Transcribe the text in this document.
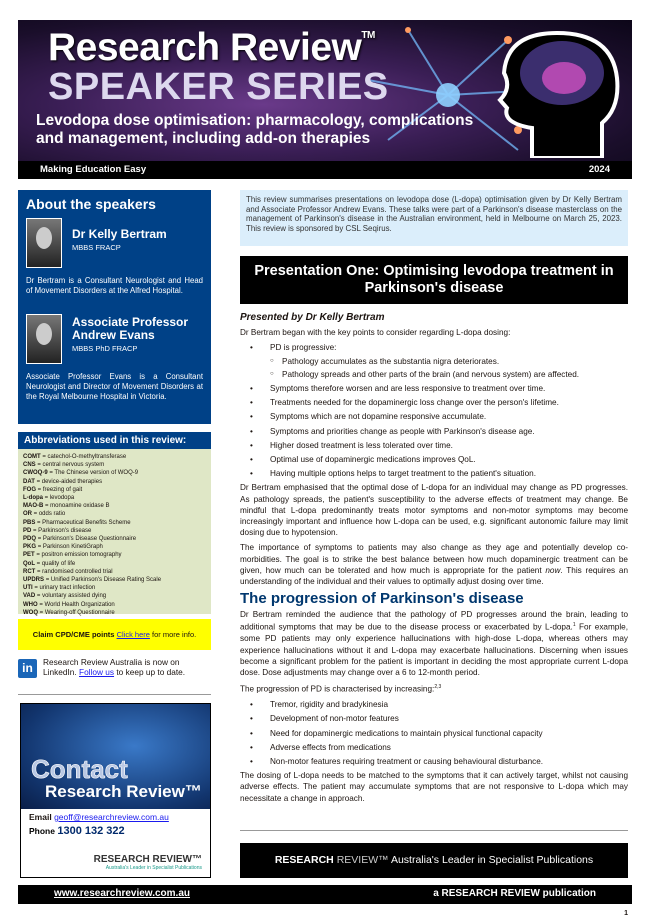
Research Review™
SPEAKER SERIES
Levodopa dose optimisation: pharmacology, complications and management, including add-on therapies
Making Education Easy	2024
About the speakers
Dr Kelly Bertram
MBBS FRACP
Dr Bertram is a Consultant Neurologist and Head of Movement Disorders at the Alfred Hospital.
Associate Professor Andrew Evans
MBBS PhD FRACP
Associate Professor Evans is a Consultant Neurologist and Director of Movement Disorders at the Royal Melbourne Hospital in Victoria.
Abbreviations used in this review:
COMT = catechol-O-methyltransferase
CNS = central nervous system
CWOQ-9 = The Chinese version of WOQ-9
DAT = device-aided therapies
FOG = freezing of gait
L-dopa = levodopa
MAO-B = monoamine oxidase B
OR = odds ratio
PBS = Pharmaceutical Benefits Scheme
PD = Parkinson's disease
PDQ = Parkinson's Disease Questionnaire
PKG = Parkinson KinetiGraph
PET = positron emission tomography
QoL = quality of life
RCT = randomised controlled trial
UPDRS = Unified Parkinson's Disease Rating Scale
UTI = urinary tract infection
VAD = voluntary assisted dying
WHO = World Health Organization
WOQ = Wearing-off Questionnaire
Claim CPD/CME points Click here for more info.
in	Research Review Australia is now on LinkedIn. Follow us to keep up to date.
Contact
Research Review™
Email geoff@researchreview.com.au
Phone 1300 132 322
RESEARCH REVIEW™
Australia's Leader in Specialist Publications
This review summarises presentations on levodopa dose (L-dopa) optimisation given by Dr Kelly Bertram and Associate Professor Andrew Evans. These talks were part of a Parkinson's disease masterclass on the management of Parkinson's disease in the Australian environment, held in Melbourne on March 25, 2023. This review is sponsored by CSL Seqirus.
Presentation One: Optimising levodopa treatment in Parkinson's disease
Presented by Dr Kelly Bertram

Dr Bertram began with the key points to consider regarding L-dopa dosing:

• PD is progressive:
○ Pathology accumulates as the substantia nigra deteriorates.
○ Pathology spreads and other parts of the brain (and nervous system) are affected.
• Symptoms therefore worsen and are less responsive to treatment over time.
• Treatments needed for the dopaminergic loss change over the person's lifetime.
• Symptoms which are not dopamine responsive accumulate.
• Symptoms and priorities change as people with Parkinson's disease age.
• Higher dosed treatment is less tolerated over time.
• Optimal use of dopaminergic medications improves QoL.
• Having multiple options helps to target treatment to the patient's situation.

Dr Bertram emphasised that the optimal dose of L-dopa for an individual may change as PD progresses. As pathology spreads, the patient's susceptibility to the adverse effects of treatment may change. Be mindful that L-dopa predominantly treats motor symptoms and non-motor symptoms may become increasingly important and influence how L-dopa can be used, e.g. significant autonomic failure may limit dosing due to hypotension.

The importance of symptoms to patients may also change as they age and potentially develop co-morbidities. The goal is to strike the best balance between how much dopaminergic treatment can be given, how much can be tolerated and how much is appropriate for the patient now. This requires an understanding of the individual and their values to optimally adjust dosing over time.

The progression of Parkinson's disease

Dr Bertram reminded the audience that the pathology of PD progresses around the brain, leading to additional symptoms that may be due to the disease process or exacerbated by L-dopa.$^1$ For example, some PD patients may only experience hallucinations with high-dose L-dopa, whereas others may experience hallucinations without it and L-dopa may exacerbate hallucinations. Discerning when issues become a significant problem for the patient is important in deciding the most appropriate current L-dopa dose. Dose adjustments may change over a 6 to 12-month period.

The progression of PD is characterised by increasing:$^{2,3}$

• Tremor, rigidity and bradykinesia
• Development of non-motor features
• Need for dopaminergic medications to maintain physical functional capacity
• Adverse effects from medications
• Non-motor features requiring treatment or causing behavioural disturbance.

The dosing of L-dopa needs to be matched to the symptoms that it can actively target, whilst not causing adverse effects. The patient may accumulate symptoms that are not responsive to L-dopa which may necessitate a change in approach.

RESEARCH REVIEW™ Australia's Leader in Specialist Publications
www.researchreview.com.au	a RESEARCH REVIEW publication
1
